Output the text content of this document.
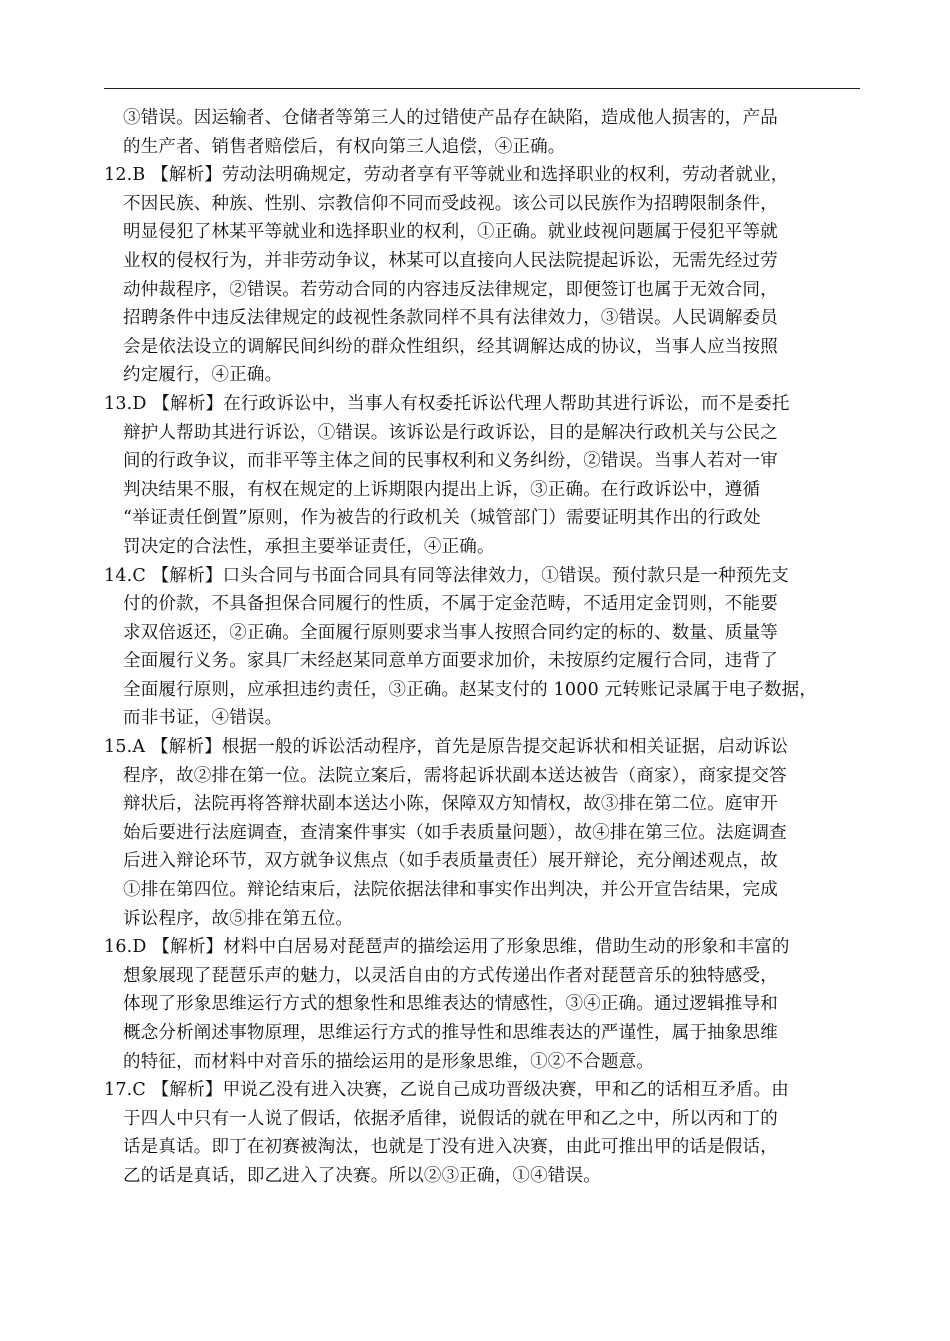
③错误。因运输者、仓储者等第三人的过错使产品存在缺陷，造成他人损害的，产品
的生产者、销售者赔偿后，有权向第三人追偿，④正确。
12.B 【解析】劳动法明确规定，劳动者享有平等就业和选择职业的权利，劳动者就业，
不因民族、种族、性别、宗教信仰不同而受歧视。该公司以民族作为招聘限制条件，
明显侵犯了林某平等就业和选择职业的权利，①正确。就业歧视问题属于侵犯平等就
业权的侵权行为，并非劳动争议，林某可以直接向人民法院提起诉讼，无需先经过劳
动仲裁程序，②错误。若劳动合同的内容违反法律规定，即便签订也属于无效合同，
招聘条件中违反法律规定的歧视性条款同样不具有法律效力，③错误。人民调解委员
会是依法设立的调解民间纠纷的群众性组织，经其调解达成的协议，当事人应当按照
约定履行，④正确。
13.D 【解析】在行政诉讼中，当事人有权委托诉讼代理人帮助其进行诉讼，而不是委托
辩护人帮助其进行诉讼，①错误。该诉讼是行政诉讼，目的是解决行政机关与公民之
间的行政争议，而非平等主体之间的民事权利和义务纠纷，②错误。当事人若对一审
判决结果不服，有权在规定的上诉期限内提出上诉，③正确。在行政诉讼中，遵循
“举证责任倒置”原则，作为被告的行政机关（城管部门）需要证明其作出的行政处
罚决定的合法性，承担主要举证责任，④正确。
14.C 【解析】口头合同与书面合同具有同等法律效力，①错误。预付款只是一种预先支
付的价款，不具备担保合同履行的性质，不属于定金范畴，不适用定金罚则，不能要
求双倍返还，②正确。全面履行原则要求当事人按照合同约定的标的、数量、质量等
全面履行义务。家具厂未经赵某同意单方面要求加价，未按原约定履行合同，违背了
全面履行原则，应承担违约责任，③正确。赵某支付的 1000 元转账记录属于电子数据，
而非书证，④错误。
15.A 【解析】根据一般的诉讼活动程序，首先是原告提交起诉状和相关证据，启动诉讼
程序，故②排在第一位。法院立案后，需将起诉状副本送达被告（商家），商家提交答
辩状后，法院再将答辩状副本送达小陈，保障双方知情权，故③排在第二位。庭审开
始后要进行法庭调查，查清案件事实（如手表质量问题），故④排在第三位。法庭调查
后进入辩论环节，双方就争议焦点（如手表质量责任）展开辩论，充分阐述观点，故
①排在第四位。辩论结束后，法院依据法律和事实作出判决，并公开宣告结果，完成
诉讼程序，故⑤排在第五位。
16.D 【解析】材料中白居易对琵琶声的描绘运用了形象思维，借助生动的形象和丰富的
想象展现了琵琶乐声的魅力，以灵活自由的方式传递出作者对琵琶音乐的独特感受，
体现了形象思维运行方式的想象性和思维表达的情感性，③④正确。通过逻辑推导和
概念分析阐述事物原理，思维运行方式的推导性和思维表达的严谨性，属于抽象思维
的特征，而材料中对音乐的描绘运用的是形象思维，①②不合题意。
17.C 【解析】甲说乙没有进入决赛，乙说自己成功晋级决赛，甲和乙的话相互矛盾。由
于四人中只有一人说了假话，依据矛盾律，说假话的就在甲和乙之中，所以丙和丁的
话是真话。即丁在初赛被淘汰，也就是丁没有进入决赛，由此可推出甲的话是假话，
乙的话是真话，即乙进入了决赛。所以②③正确，①④错误。
